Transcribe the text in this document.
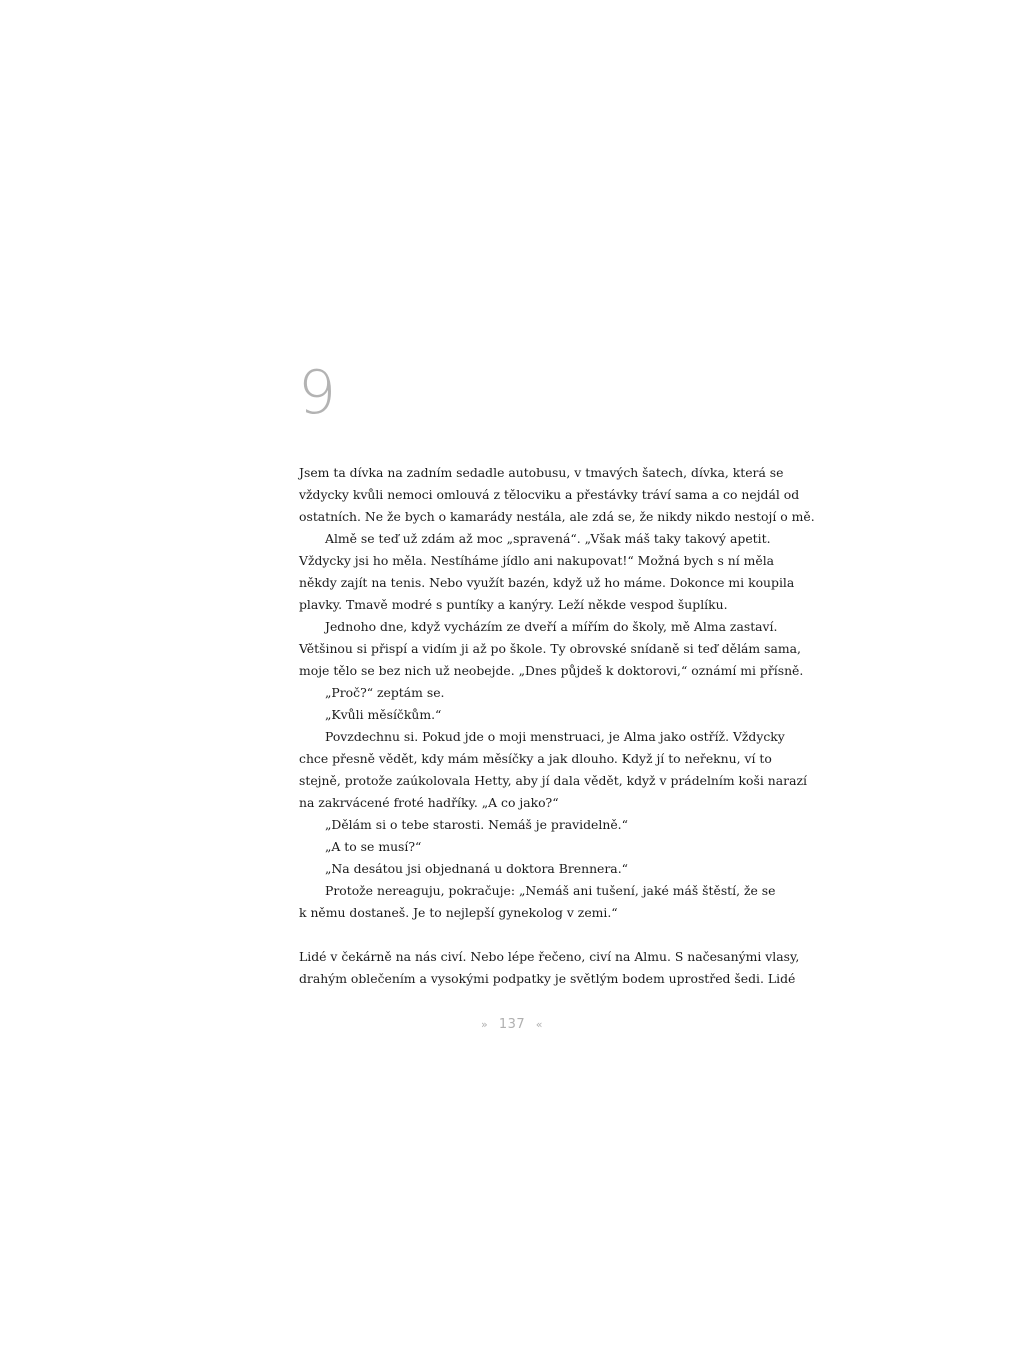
9
Jsem ta dívka na zadním sedadle autobusu, v tmavých šatech, dívka, která se
vždycky kvůli nemoci omlouvá z tělocviku a přestávky tráví sama a co nejdál od
ostatních. Ne že bych o kamarády nestála, ale zdá se, že nikdy nikdo nestojí o mě.
Almě se teď už zdám až moc „spravená“. „Však máš taky takový apetit.
Vždycky jsi ho měla. Nestíháme jídlo ani nakupovat!“ Možná bych s ní měla
někdy zajít na tenis. Nebo využít bazén, když už ho máme. Dokonce mi koupila
plavky. Tmavě modré s puntíky a kanýry. Leží někde vespod šuplíku.
Jednoho dne, když vycházím ze dveří a mířím do školy, mě Alma zastaví.
Většinou si přispí a vidím ji až po škole. Ty obrovské snídaně si teď dělám sama,
moje tělo se bez nich už neobejde. „Dnes půjdeš k doktorovi,“ oznámí mi přísně.
„Proč?“ zeptám se.
„Kvůli měsíčkům.“
Povzdechnu si. Pokud jde o moji menstruaci, je Alma jako ostříž. Vždycky
chce přesně vědět, kdy mám měsíčky a jak dlouho. Když jí to neřeknu, ví to
stejně, protože zaúkolovala Hetty, aby jí dala vědět, když v prádelním koši narazí
na zakrvácené froté hadříky. „A co jako?“
„Dělám si o tebe starosti. Nemáš je pravidelně.“
„A to se musí?“
„Na desátou jsi objednaná u doktora Brennera.“
Protože nereaguju, pokračuje: „Nemáš ani tušení, jaké máš štěstí, že se
k němu dostaneš. Je to nejlepší gynekolog v zemi.“
Lidé v čekárně na nás civí. Nebo lépe řečeno, civí na Almu. S načesanými vlasy,
drahým oblečením a vysokými podpatky je světlým bodem uprostřed šedi. Lidé
» 137 «
